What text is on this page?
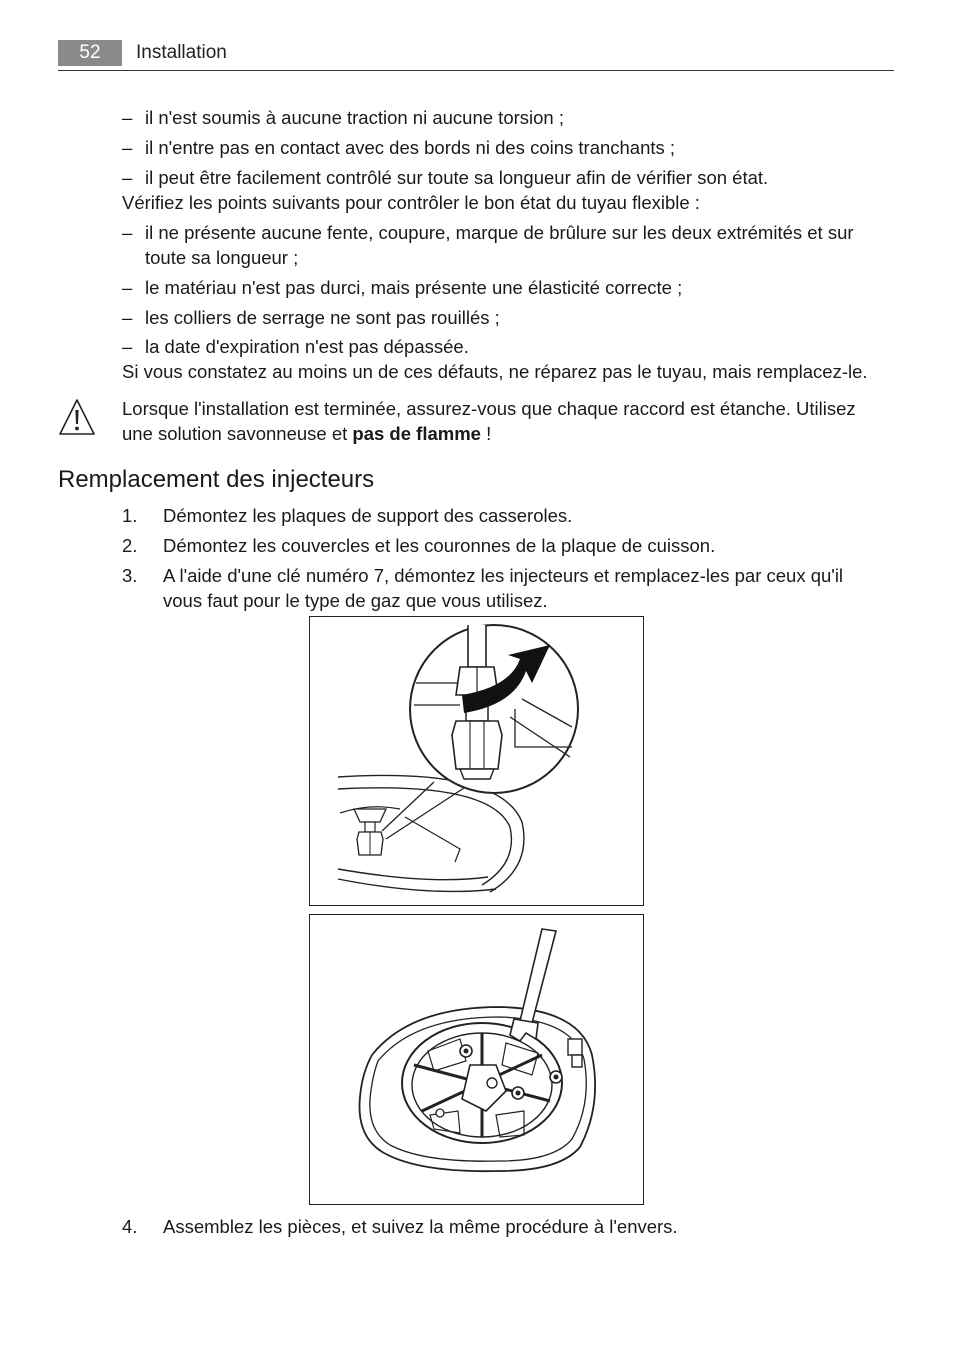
52	Installation
– il n'est soumis à aucune traction ni aucune torsion ;
– il n'entre pas en contact avec des bords ni des coins tranchants ;
– il peut être facilement contrôlé sur toute sa longueur afin de vérifier son état.
Vérifiez les points suivants pour contrôler le bon état du tuyau flexible :
– il ne présente aucune fente, coupure, marque de brûlure sur les deux extrémités et sur toute sa longueur ;
– le matériau n'est pas durci, mais présente une élasticité correcte ;
– les colliers de serrage ne sont pas rouillés ;
– la date d'expiration n'est pas dépassée.
Si vous constatez au moins un de ces défauts, ne réparez pas le tuyau, mais remplacez-le.
Lorsque l'installation est terminée, assurez-vous que chaque raccord est étanche. Utilisez une solution savonneuse et pas de flamme !
Remplacement des injecteurs
1. Démontez les plaques de support des casseroles.
2. Démontez les couvercles et les couronnes de la plaque de cuisson.
3. A l'aide d'une clé numéro 7, démontez les injecteurs et remplacez-les par ceux qu'il vous faut pour le type de gaz que vous utilisez.
4. Assemblez les pièces, et suivez la même procédure à l'envers.
